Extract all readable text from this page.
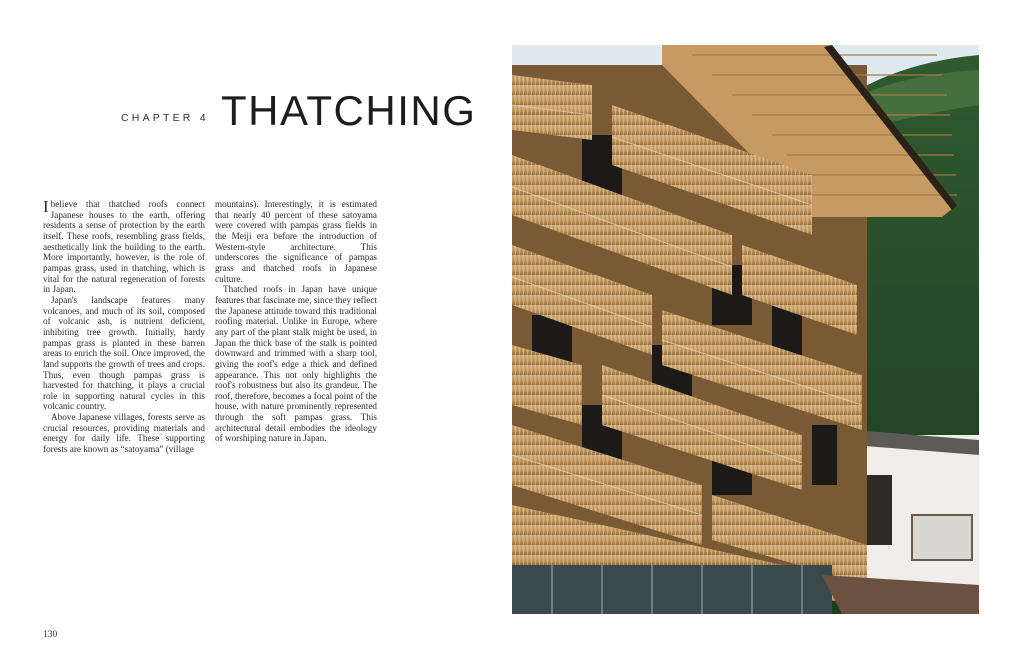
CHAPTER 4 THATCHING

Ibelieve that thatched roofs connect Japanese houses to the earth, offering residents a sense of protection by the earth itself. These roofs, resembling grass fields, aesthetically link the building to the earth. More importantly, however, is the role of pampas grass, used in thatching, which is vital for the natural regeneration of forests in Japan.

Japan's landscape features many volcanoes, and much of its soil, composed of volcanic ash, is nutrient deficient, inhibiting tree growth. Initially, hardy pampas grass is planted in these barren areas to enrich the soil. Once improved, the land supports the growth of trees and crops. Thus, even though pampas grass is harvested for thatching, it plays a crucial role in supporting natural cycles in this volcanic country.

Above Japanese villages, forests serve as crucial resources, providing materials and energy for daily life. These supporting forests are known as “satoyama” (village

mountains). Interestingly, it is estimated that nearly 40 percent of these satoyama were covered with pampas grass fields in the Meiji era before the introduction of Western-style architecture. This underscores the significance of pampas grass and thatched roofs in Japanese culture.

Thatched roofs in Japan have unique features that fascinate me, since they reflect the Japanese attitude toward this traditional roofing material. Unlike in Europe, where any part of the plant stalk might be used, in Japan the thick base of the stalk is pointed downward and trimmed with a sharp tool, giving the roof's edge a thick and defined appearance. This not only highlights the roof's robustness but also its grandeur. The roof, therefore, becomes a focal point of the house, with nature prominently represented through the soft pampas grass. This architectural detail embodies the ideology of worshiping nature in Japan.

130
